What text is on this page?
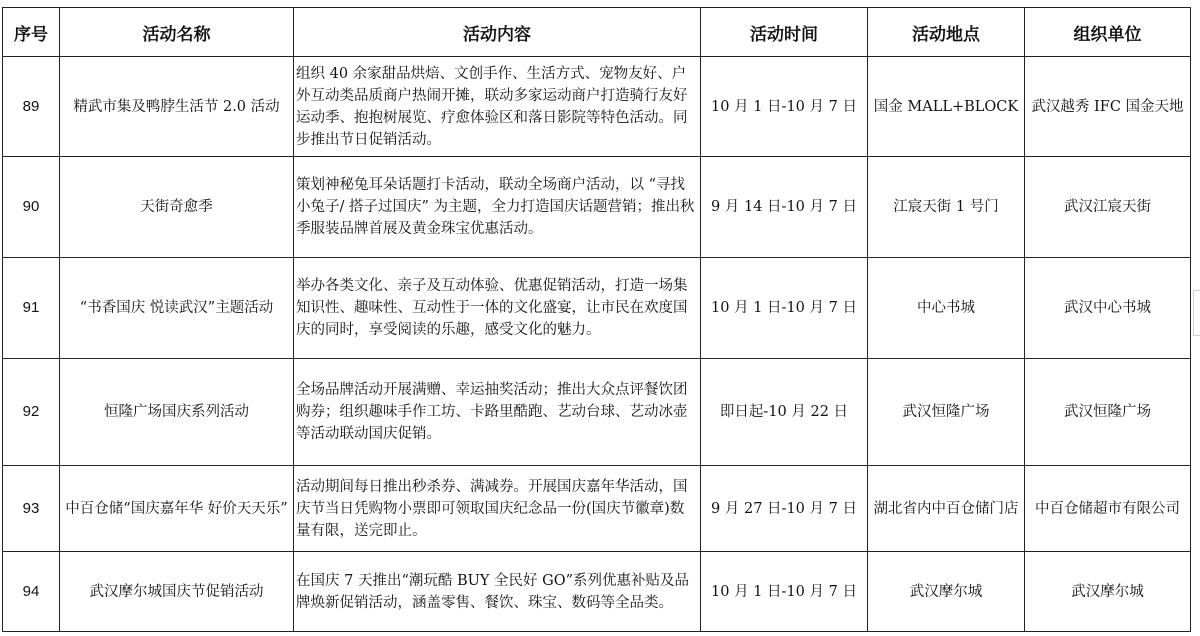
序号	活动名称	活动内容	活动时间	活动地点	组织单位
89	精武市集及鸭脖生活节 2.0 活动	组织 40 余家甜品烘焙、文创手作、生活方式、宠物友好、户外互动类品质商户热闹开摊，联动多家运动商户打造骑行友好运动季、抱抱树展览、疗愈体验区和落日影院等特色活动。同步推出节日促销活动。	10 月 1 日-10 月 7 日	国金 MALL+BLOCK	武汉越秀 IFC 国金天地
90	天街奇愈季	策划神秘兔耳朵话题打卡活动，联动全场商户活动，以 “寻找小兔子/ 搭子过国庆” 为主题，全力打造国庆话题营销；推出秋季服装品牌首展及黄金珠宝优惠活动。	9 月 14 日-10 月 7 日	江宸天街 1 号门	武汉江宸天街
91	“书香国庆 悦读武汉”主题活动	举办各类文化、亲子及互动体验、优惠促销活动，打造一场集知识性、趣味性、互动性于一体的文化盛宴，让市民在欢度国庆的同时，享受阅读的乐趣，感受文化的魅力。	10 月 1 日-10 月 7 日	中心书城	武汉中心书城
92	恒隆广场国庆系列活动	全场品牌活动开展满赠、幸运抽奖活动；推出大众点评餐饮团购券；组织趣味手作工坊、卡路里酷跑、艺动台球、艺动冰壶等活动联动国庆促销。	即日起-10 月 22 日	武汉恒隆广场	武汉恒隆广场
93	中百仓储“国庆嘉年华 好价天天乐”	活动期间每日推出秒杀券、满减券。开展国庆嘉年华活动，国庆节当日凭购物小票即可领取国庆纪念品一份(国庆节徽章)数量有限，送完即止。	9 月 27 日-10 月 7 日	湖北省内中百仓储门店	中百仓储超市有限公司
94	武汉摩尔城国庆节促销活动	在国庆 7 天推出“潮玩酷 BUY 全民好 GO”系列优惠补贴及品牌焕新促销活动，涵盖零售、餐饮、珠宝、数码等全品类。	10 月 1 日-10 月 7 日	武汉摩尔城	武汉摩尔城
